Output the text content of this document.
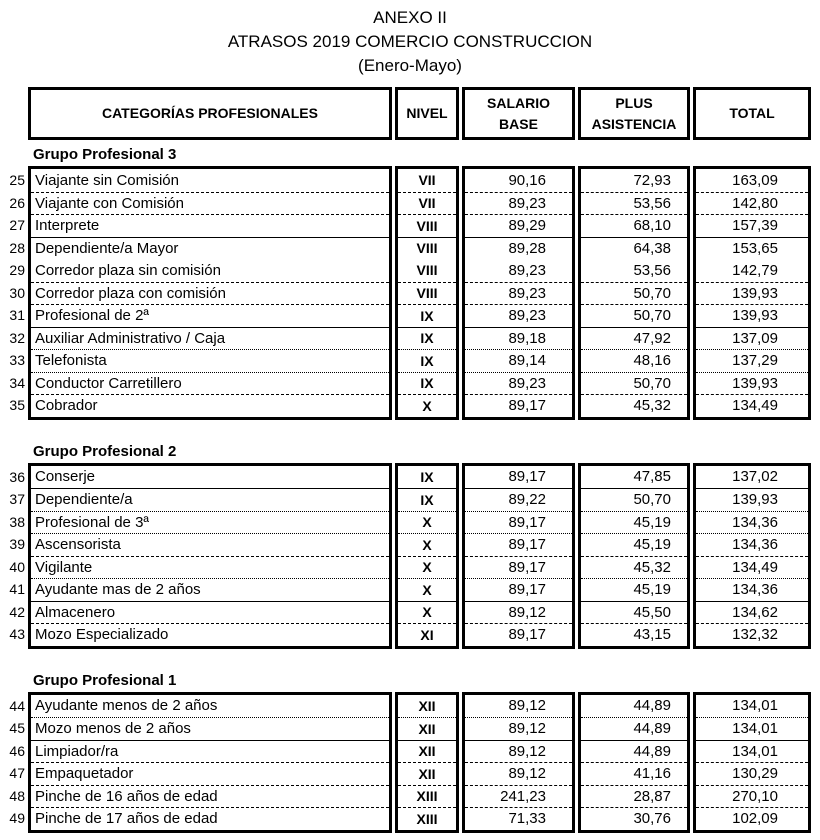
ANEXO II
ATRASOS 2019 COMERCIO CONSTRUCCION
(Enero-Mayo)
CATEGORÍAS PROFESIONALES	NIVEL
SALARIO
BASE
PLUS
ASISTENCIA
TOTAL
Grupo Profesional 3
25
26
27
28
29
30
31
32
33
34
35
Viajante sin Comisión
Viajante con Comisión
Interprete
Dependiente/a Mayor
Corredor plaza sin comisión
Corredor plaza con comisión
Profesional de 2ª
Auxiliar Administrativo / Caja
Telefonista
Conductor Carretillero
Cobrador
VII
VII
VIII
VIII
VIII
VIII
IX
IX
IX
IX
X
90,16
89,23
89,29
89,28
89,23
89,23
89,23
89,18
89,14
89,23
89,17
72,93
53,56
68,10
64,38
53,56
50,70
50,70
47,92
48,16
50,70
45,32
163,09
142,80
157,39
153,65
142,79
139,93
139,93
137,09
137,29
139,93
134,49
Grupo Profesional 2
36
37
38
39
40
41
42
43
Conserje
Dependiente/a
Profesional de 3ª
Ascensorista
Vigilante
Ayudante mas de 2 años
Almacenero
Mozo Especializado
IX
IX
X
X
X
X
X
XI
89,17
89,22
89,17
89,17
89,17
89,17
89,12
89,17
47,85
50,70
45,19
45,19
45,32
45,19
45,50
43,15
137,02
139,93
134,36
134,36
134,49
134,36
134,62
132,32
Grupo Profesional 1
44
45
46
47
48
49
Ayudante menos de 2 años
Mozo menos de 2 años
Limpiador/ra
Empaquetador
Pinche de 16 años de edad
Pinche de 17 años de edad
XII
XII
XII
XII
XIII
XIII
89,12
89,12
89,12
89,12
241,23
71,33
44,89
44,89
44,89
41,16
28,87
30,76
134,01
134,01
134,01
130,29
270,10
102,09
